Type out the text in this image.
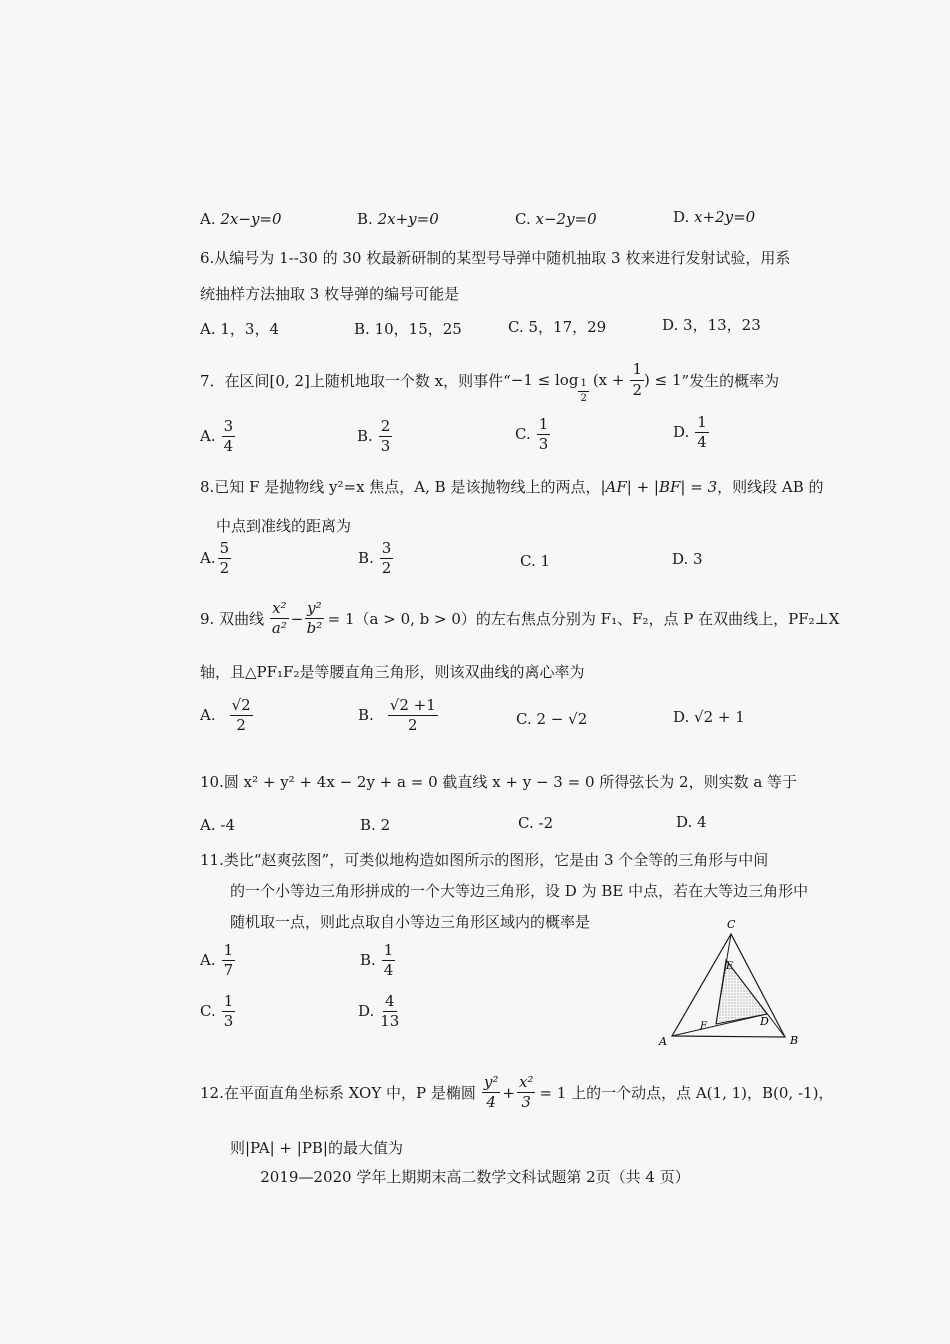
A. 2x−y=0	B. 2x+y=0	C. x−2y=0	D. x+2y=0
6.从编号为 1--30 的 30 枚最新研制的某型号导弹中随机抽取 3 枚来进行发射试验，用系
统抽样方法抽取 3 枚导弹的编号可能是
A. 1，3，4	B. 10，15，25	C. 5，17，29	D. 3，13，23
7．在区间[0, 2]上随机地取一个数 x，则事件“ $-1 \le \log \frac{1}{2} (x + \frac{1}{2}$ ) ≤ 1 ”发生的概率为
A. $\frac{3}{4}$	B. $\frac{2}{3}$	C. $\frac{1}{3}$	D. $\frac{1}{4}$
8.已知 F 是抛物线 y²=x 焦点，A, B 是该抛物线上的两点，|AF| + |BF| = 3，则线段 AB 的
中点到准线的距离为
A. $\frac{5}{2}$	B. $\frac{3}{2}$	C. 1	D. 3
9. 双曲线 $\frac{\text{x²}}{\text{a²}} - \frac{\text{y²}}{\text{b²}} = 1(a > 0$, b > 0）的左右焦点分别为 F₁、F₂，点 P 在双曲线上，PF₂⊥X
轴，且△PF₁F₂是等腰直角三角形，则该双曲线的离心率为
A. $\frac{√2}{2}$	B. $\frac{√2 +1}{2}$	C. 2 − √2	D. √2 + 1
10.圆 x² + y² + 4x − 2y + a = 0 截直线 x + y − 3 = 0 所得弦长为 2，则实数 a 等于
A. -4	B. 2	C. -2	D. 4
11.类比“赵爽弦图”，可类似地构造如图所示的图形，它是由 3 个全等的三角形与中间
的一个小等边三角形拼成的一个大等边三角形，设 D 为 BE 中点，若在大等边三角形中
随机取一点，则此点取自小等边三角形区域内的概率是
A. $\frac{1}{7}$	B. $\frac{1}{4}$
C. $\frac{1}{3}$	D. $\frac{4}{13}$
A	B
C
D
E
F
12.在平面直角坐标系 XOY 中，P 是椭圆 $\frac{\text{y²}}{4} + \frac{\text{x²}}{3} = 1$ 上的一个动点，点 A(1, 1)，B(0, -1)，
则|PA| + |PB|的最大值为
2019—2020 学年上期期末高二数学文科试题第 2页（共 4 页）
